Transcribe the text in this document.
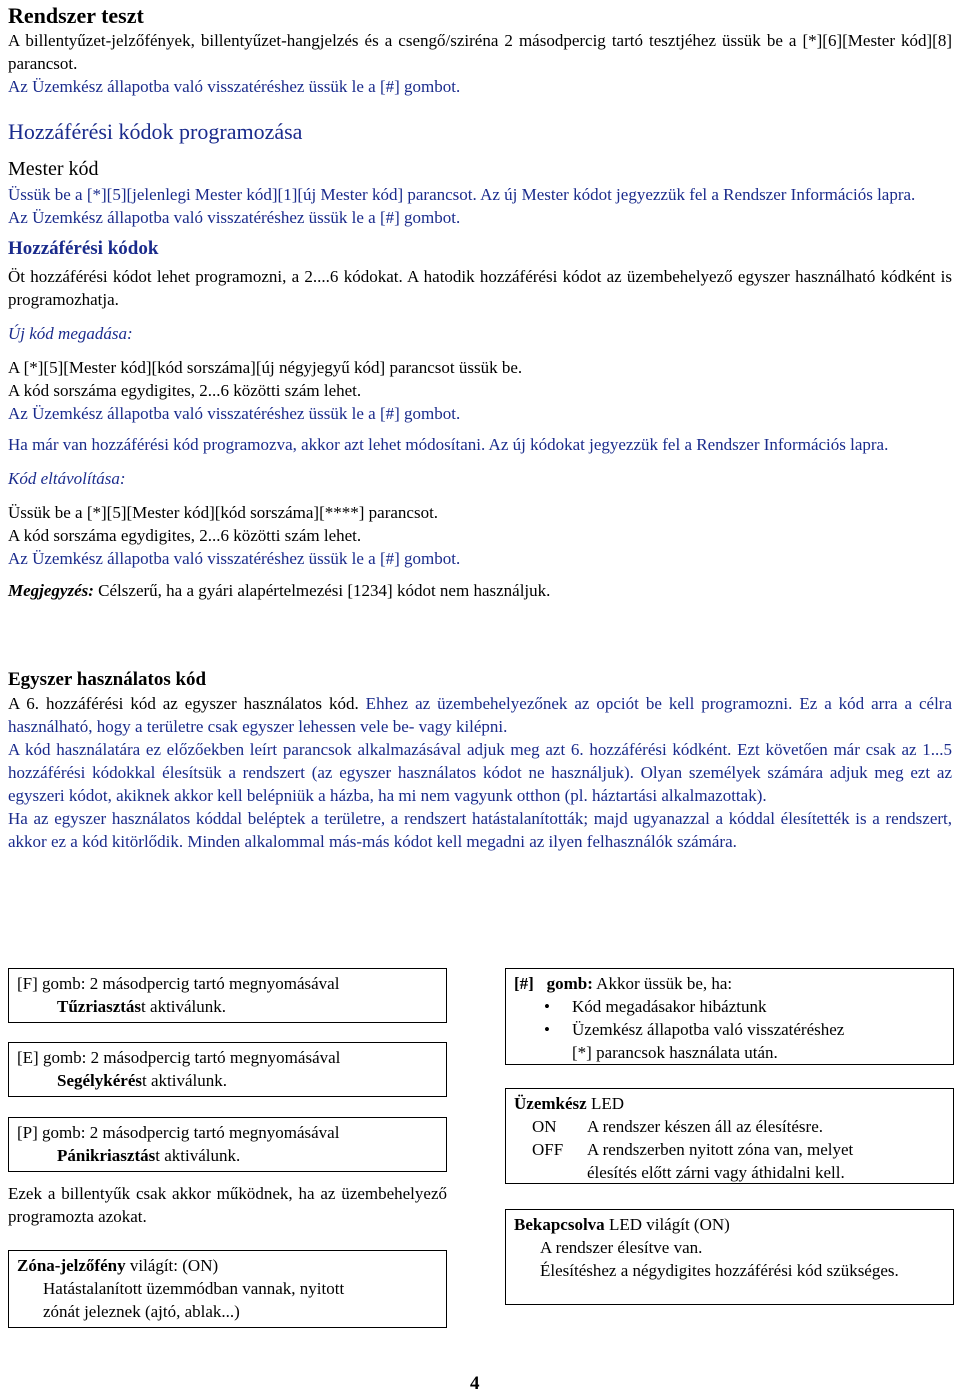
Rendszer teszt

A billentyűzet-jelzőfények, billentyűzet-hangjelzés és a csengő/sziréna 2 másodpercig tartó tesztjéhez üssük be a [*][6][Mester kód][8] parancsot.

Az Üzemkész állapotba való visszatéréshez üssük le a [#] gombot.

Hozzáférési kódok programozása
Mester kód

Üssük be a [*][5][jelenlegi Mester kód][1][új Mester kód] parancsot. Az új Mester kódot jegyezzük fel a Rendszer Információs lapra.

Az Üzemkész állapotba való visszatéréshez üssük le a [#] gombot.

Hozzáférési kódok

Öt hozzáférési kódot lehet programozni, a 2....6 kódokat. A hatodik hozzáférési kódot az üzembehelyező egyszer használható kódként is programozhatja.

Új kód megadása:

A [*][5][Mester kód][kód sorszáma][új négyjegyű kód] parancsot üssük be.

A kód sorszáma egydigites, 2...6 közötti szám lehet.

Az Üzemkész állapotba való visszatéréshez üssük le a [#] gombot.

Ha már van hozzáférési kód programozva, akkor azt lehet módosítani. Az új kódokat jegyezzük fel a Rendszer Információs lapra.

Kód eltávolítása:

Üssük be a [*][5][Mester kód][kód sorszáma][****] parancsot.

A kód sorszáma egydigites, 2...6 közötti szám lehet.

Az Üzemkész állapotba való visszatéréshez üssük le a [#] gombot.

Megjegyzés: Célszerű, ha a gyári alapértelmezési [1234] kódot nem használjuk.

Egyszer használatos kód

A 6. hozzáférési kód az egyszer használatos kód. Ehhez az üzembehelyezőnek az opciót be kell programozni. Ez a kód arra a célra használható, hogy a területre csak egyszer lehessen vele be- vagy kilépni.

A kód használatára ez előzőekben leírt parancsok alkalmazásával adjuk meg azt 6. hozzáférési kódként. Ezt követően már csak az 1...5 hozzáférési kódokkal élesítsük a rendszert (az egyszer használatos kódot ne használjuk). Olyan személyek számára adjuk meg ezt az egyszeri kódot, akiknek akkor kell belépniük a házba, ha mi nem vagyunk otthon (pl. háztartási alkalmazottak).

Ha az egyszer használatos kóddal beléptek a területre, a rendszert hatástalanították; majd ugyanazzal a kóddal élesítették is a rendszert, akkor ez a kód kitörlődik. Minden alkalommal más-más kódot kell megadni az ilyen felhasználók számára.

[F] gomb: 2 másodpercig tartó megnyomásával

Tűzriasztást aktiválunk.

[E] gomb: 2 másodpercig tartó megnyomásával

Segélykérést aktiválunk.

[P] gomb: 2 másodpercig tartó megnyomásával

Pánikriasztást aktiválunk.

Ezek a billentyűk csak akkor működnek, ha az üzembehelyező programozta azokat.

Zóna-jelzőfény világít: (ON)

Hatástalanított üzemmódban vannak, nyitott

zónát jeleznek (ajtó, ablak...)

[#] gomb: Akkor üssük be, ha:

• Kód megadásakor hibáztunk
• Üzemkész állapotba való visszatéréshez

[*] parancsok használata után.

Üzemkész LED

ON	A rendszer készen áll az élesítésre.
OFF	A rendszerben nyitott zóna van, melyet
élesítés előtt zárni vagy áthidalni kell.

Bekapcsolva LED világít (ON)

A rendszer élesítve van.

Élesítéshez a négydigites hozzáférési kód szükséges.

4
